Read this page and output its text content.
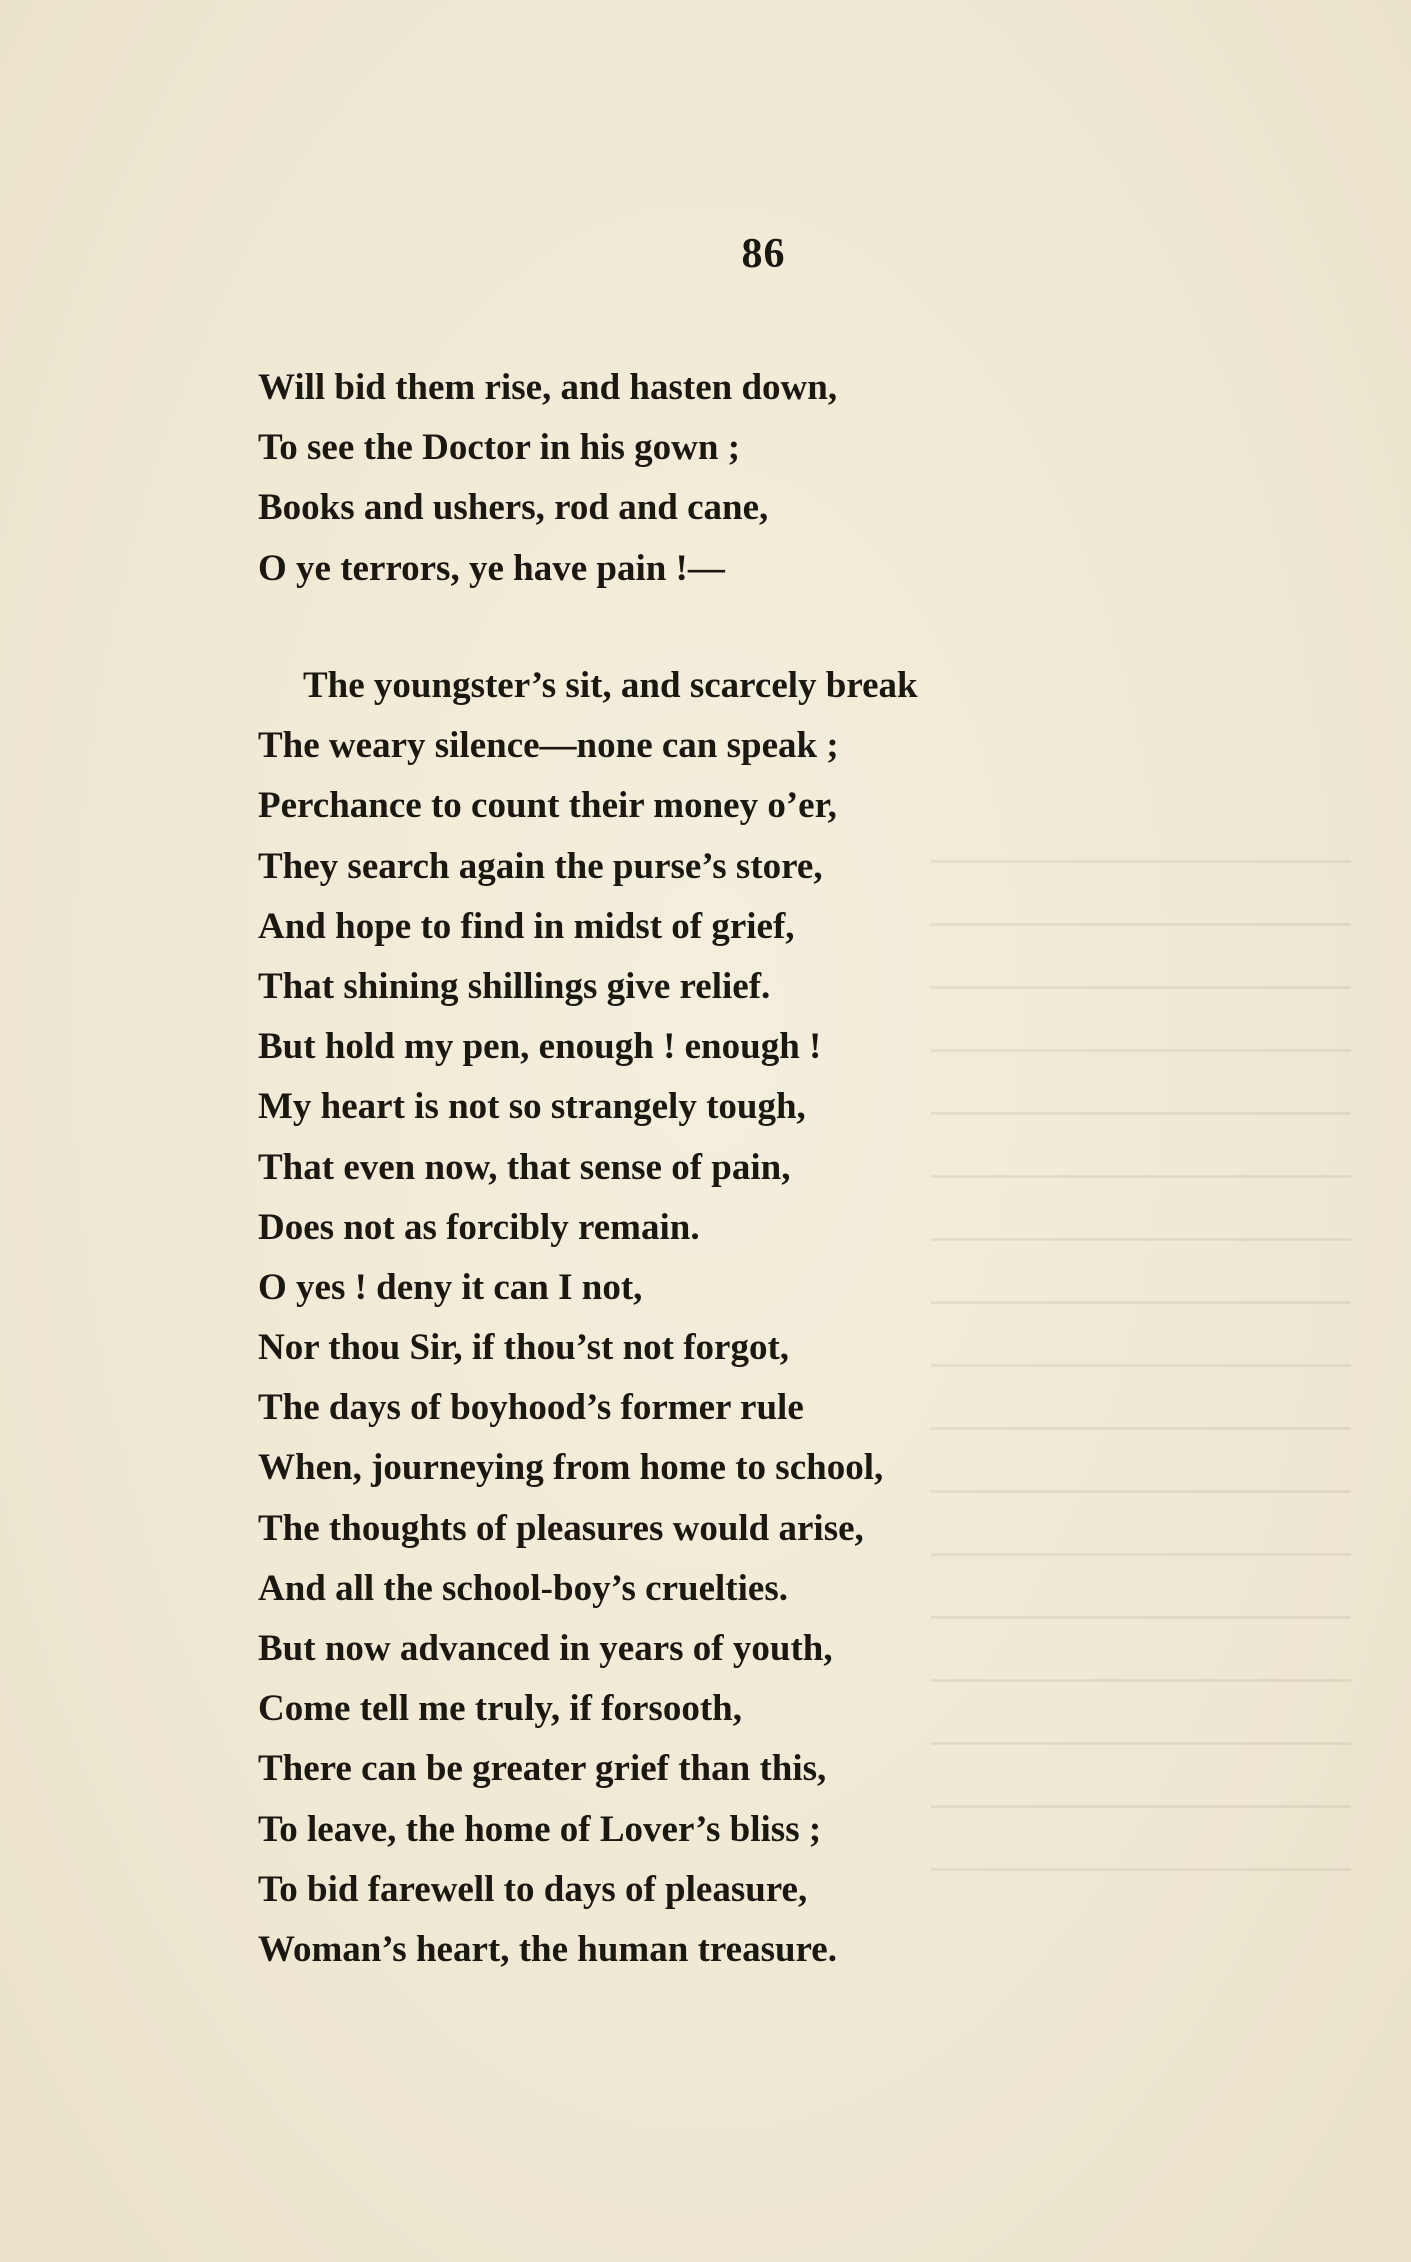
86
Will bid them rise, and hasten down,
To see the Doctor in his gown ;
Books and ushers, rod and cane,
O ye terrors, ye have pain !—
The youngster’s sit, and scarcely break
The weary silence—none can speak ;
Perchance to count their money o’er,
They search again the purse’s store,
And hope to find in midst of grief,
That shining shillings give relief.
But hold my pen, enough ! enough !
My heart is not so strangely tough,
That even now, that sense of pain,
Does not as forcibly remain.
O yes ! deny it can I not,
Nor thou Sir, if thou’st not forgot,
The days of boyhood’s former rule
When, journeying from home to school,
The thoughts of pleasures would arise,
And all the school-boy’s cruelties.
But now advanced in years of youth,
Come tell me truly, if forsooth,
There can be greater grief than this,
To leave, the home of Lover’s bliss ;
To bid farewell to days of pleasure,
Woman’s heart, the human treasure.
